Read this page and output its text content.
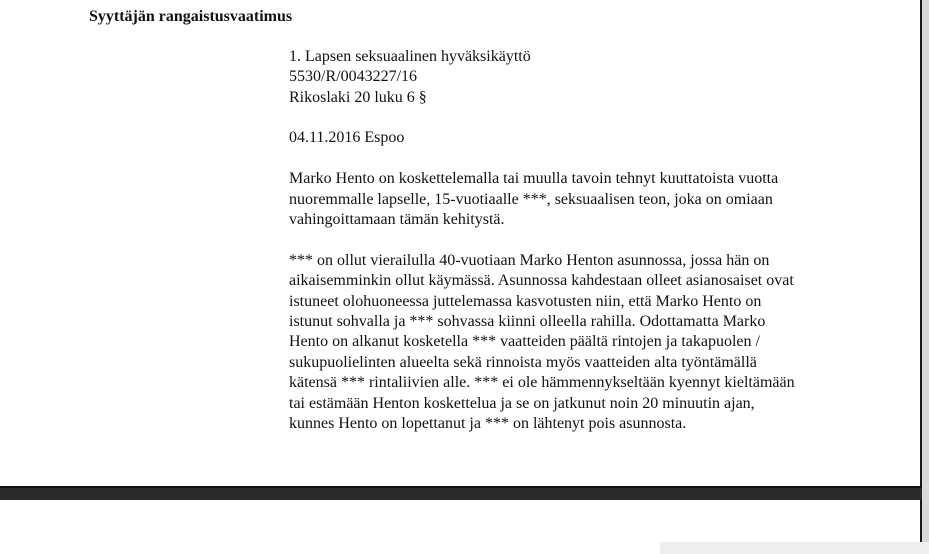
Syyttäjän rangaistusvaatimus
1. Lapsen seksuaalinen hyväksikäyttö
5530/R/0043227/16
Rikoslaki 20 luku 6 §
04.11.2016 Espoo

Marko Hento on koskettelemalla tai muulla tavoin tehnyt kuuttatoista vuotta
nuoremmalle lapselle, 15-vuotiaalle ***, seksuaalisen teon, joka on omiaan
vahingoittamaan tämän kehitystä.

*** on ollut vierailulla 40-vuotiaan Marko Henton asunnossa, jossa hän on
aikaisemminkin ollut käymässä. Asunnossa kahdestaan olleet asianosaiset ovat
istuneet olohuoneessa juttelemassa kasvotusten niin, että Marko Hento on
istunut sohvalla ja *** sohvassa kiinni olleella rahilla. Odottamatta Marko
Hento on alkanut kosketella *** vaatteiden päältä rintojen ja takapuolen /
sukupuolielinten alueelta sekä rinnoista myös vaatteiden alta työntämällä
kätensä *** rintaliivien alle. *** ei ole hämmennykseltään kyennyt kieltämään
tai estämään Henton koskettelua ja se on jatkunut noin 20 minuutin ajan,
kunnes Hento on lopettanut ja *** on lähtenyt pois asunnosta.
